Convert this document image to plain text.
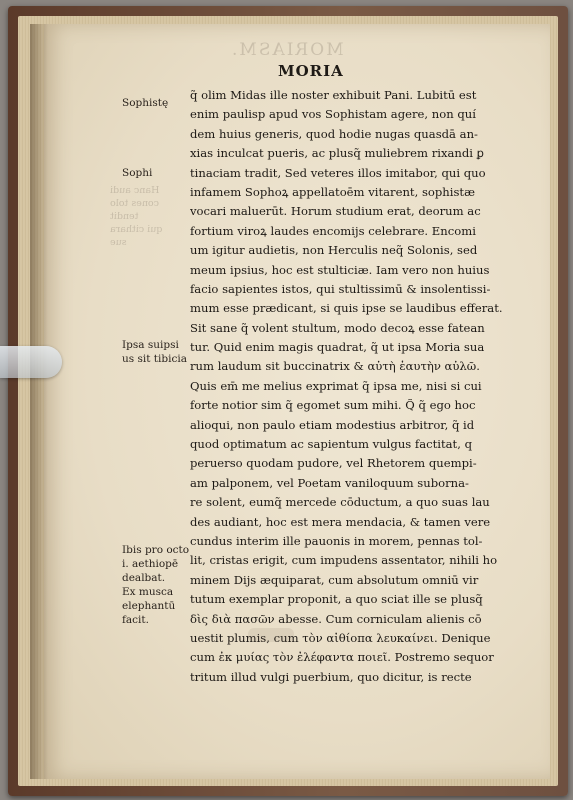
MORIASM.
Hanc audi
cones tolo
tendit
qui cithara
sue
MORIA
q̃ olim Midas ille noster exhibuit Pani. Lubitū est
enim paulisp apud vos Sophistam agere, non quí
dem huius generis, quod hodie nugas quasdā an-
xias inculcat pueris, ac plusq̃ muliebrem rixandi ꝑ
tinaciam tradit, Sed veteres illos imitabor, qui quo
infamem Sophoꝝ appellatoēm vitarent, sophistæ
vocari maluerūt. Horum studium erat, deorum ac
fortium viroꝝ laudes encomijs celebrare. Encomi
um igitur audietis, non Herculis neq̃ Solonis, sed
meum ipsius, hoc est stulticiæ. Iam vero non huius
facio sapientes istos, qui stultissimū & insolentissi-
mum esse prædicant, si quis ipse se laudibus efferat.
Sit sane q̃ volent stultum, modo decoꝝ esse fatean
tur. Quid enim magis quadrat, q̃ ut ipsa Moria sua
rum laudum sit buccinatrix & αὐτὴ ἑαυτὴν αὐλῶ.
Quis em̄ me melius exprimat q̃ ipsa me, nisi si cui
forte notior sim q̃ egomet sum mihi. Q̃ q̃ ego hoc
alioqui, non paulo etiam modestius arbitror, q̃ id
quod optimatum ac sapientum vulgus factitat, q
peruerso quodam pudore, vel Rhetorem quempi-
am palponem, vel Poetam vaniloquum suborna-
re solent, eumq̃ mercede cōductum, a quo suas lau
des audiant, hoc est mera mendacia, & tamen vere
cundus interim ille pauonis in morem, pennas tol-
lit, cristas erigit, cum impudens assentator, nihili ho
minem Dijs æquiparat, cum absolutum omniū vir
tutum exemplar proponit, a quo sciat ille se plusq̃
δὶς διὰ πασῶν abesse. Cum corniculam alienis cō
uestit plumis, cum τὸν αἰθίοπα λευκαίνει. Denique
cum ἐκ μυίας τὸν ἐλέφαντα ποιεῖ. Postremo sequor
tritum illud vulgi puerbium, quo dicitur, is recte
Sophistę
Sophi
Ipsa suipsi
us sit tibicia
Ibis pro octo
i. aethiopē
dealbat.
Ex musca
elephantū
facit.
